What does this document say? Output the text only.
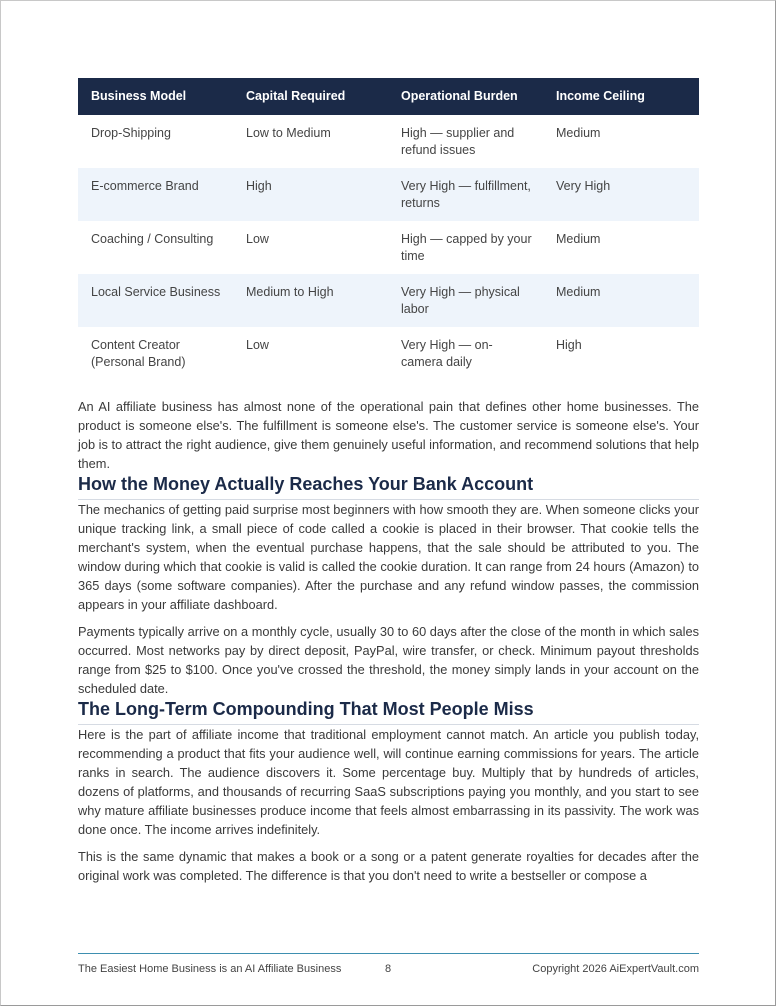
Business Model	Capital Required	Operational Burden	Income Ceiling
Drop-Shipping	Low to Medium	High — supplier and refund issues	Medium
E-commerce Brand	High	Very High — fulfillment, returns	Very High
Coaching / Consulting	Low	High — capped by your time	Medium
Local Service Business	Medium to High	Very High — physical labor	Medium
Content Creator (Personal Brand)	Low	Very High — on-camera daily	High

An AI affiliate business has almost none of the operational pain that defines other home businesses. The product is someone else's. The fulfillment is someone else's. The customer service is someone else's. Your job is to attract the right audience, give them genuinely useful information, and recommend solutions that help them.

How the Money Actually Reaches Your Bank Account

The mechanics of getting paid surprise most beginners with how smooth they are. When someone clicks your unique tracking link, a small piece of code called a cookie is placed in their browser. That cookie tells the merchant's system, when the eventual purchase happens, that the sale should be attributed to you. The window during which that cookie is valid is called the cookie duration. It can range from 24 hours (Amazon) to 365 days (some software companies). After the purchase and any refund window passes, the commission appears in your affiliate dashboard.

Payments typically arrive on a monthly cycle, usually 30 to 60 days after the close of the month in which sales occurred. Most networks pay by direct deposit, PayPal, wire transfer, or check. Minimum payout thresholds range from $25 to $100. Once you've crossed the threshold, the money simply lands in your account on the scheduled date.

The Long-Term Compounding That Most People Miss

Here is the part of affiliate income that traditional employment cannot match. An article you publish today, recommending a product that fits your audience well, will continue earning commissions for years. The article ranks in search. The audience discovers it. Some percentage buy. Multiply that by hundreds of articles, dozens of platforms, and thousands of recurring SaaS subscriptions paying you monthly, and you start to see why mature affiliate businesses produce income that feels almost embarrassing in its passivity. The work was done once. The income arrives indefinitely.

This is the same dynamic that makes a book or a song or a patent generate royalties for decades after the original work was completed. The difference is that you don't need to write a bestseller or compose a

The Easiest Home Business is an AI Affiliate Business	8	Copyright 2026 AiExpertVault.com
